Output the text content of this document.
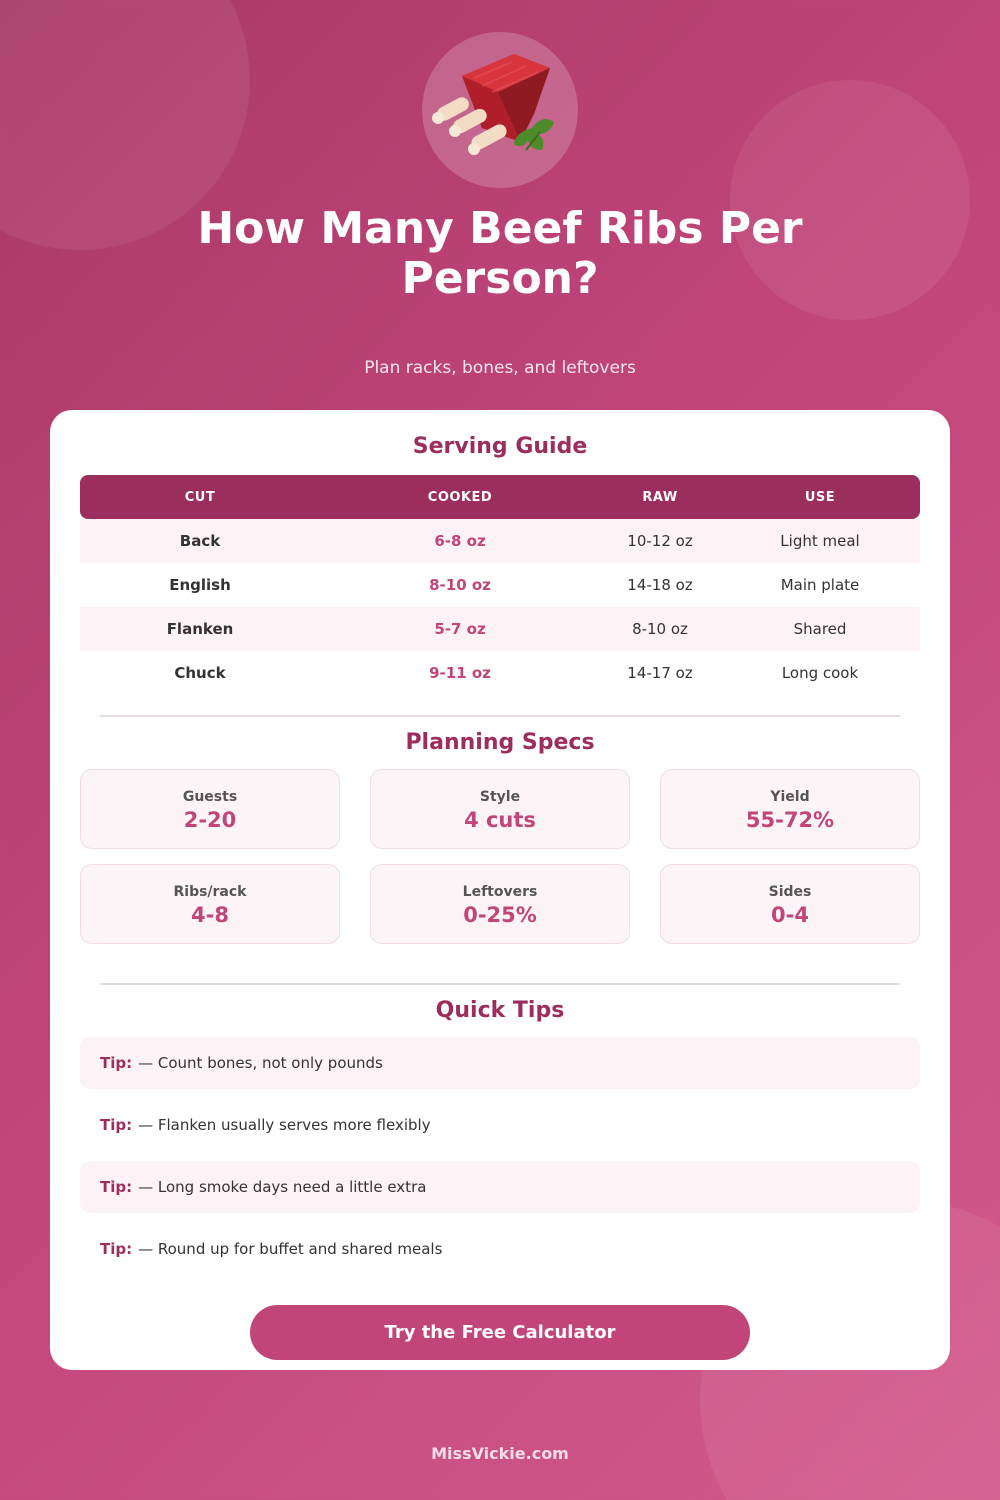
How Many Beef Ribs Per Person?
Plan racks, bones, and leftovers
Serving Guide
CUT	COOKED	RAW	USE
Back	6-8 oz	10-12 oz	Light meal
English	8-10 oz	14-18 oz	Main plate
Flanken	5-7 oz	8-10 oz	Shared
Chuck	9-11 oz	14-17 oz	Long cook
Planning Specs
Guests
2-20
Style
4 cuts
Yield
55-72%
Ribs/rack
4-8
Leftovers
0-25%
Sides
0-4
Quick Tips
Tip: — Count bones, not only pounds
Tip: — Flanken usually serves more flexibly
Tip: — Long smoke days need a little extra
Tip: — Round up for buffet and shared meals
Try the Free Calculator
MissVickie.com
